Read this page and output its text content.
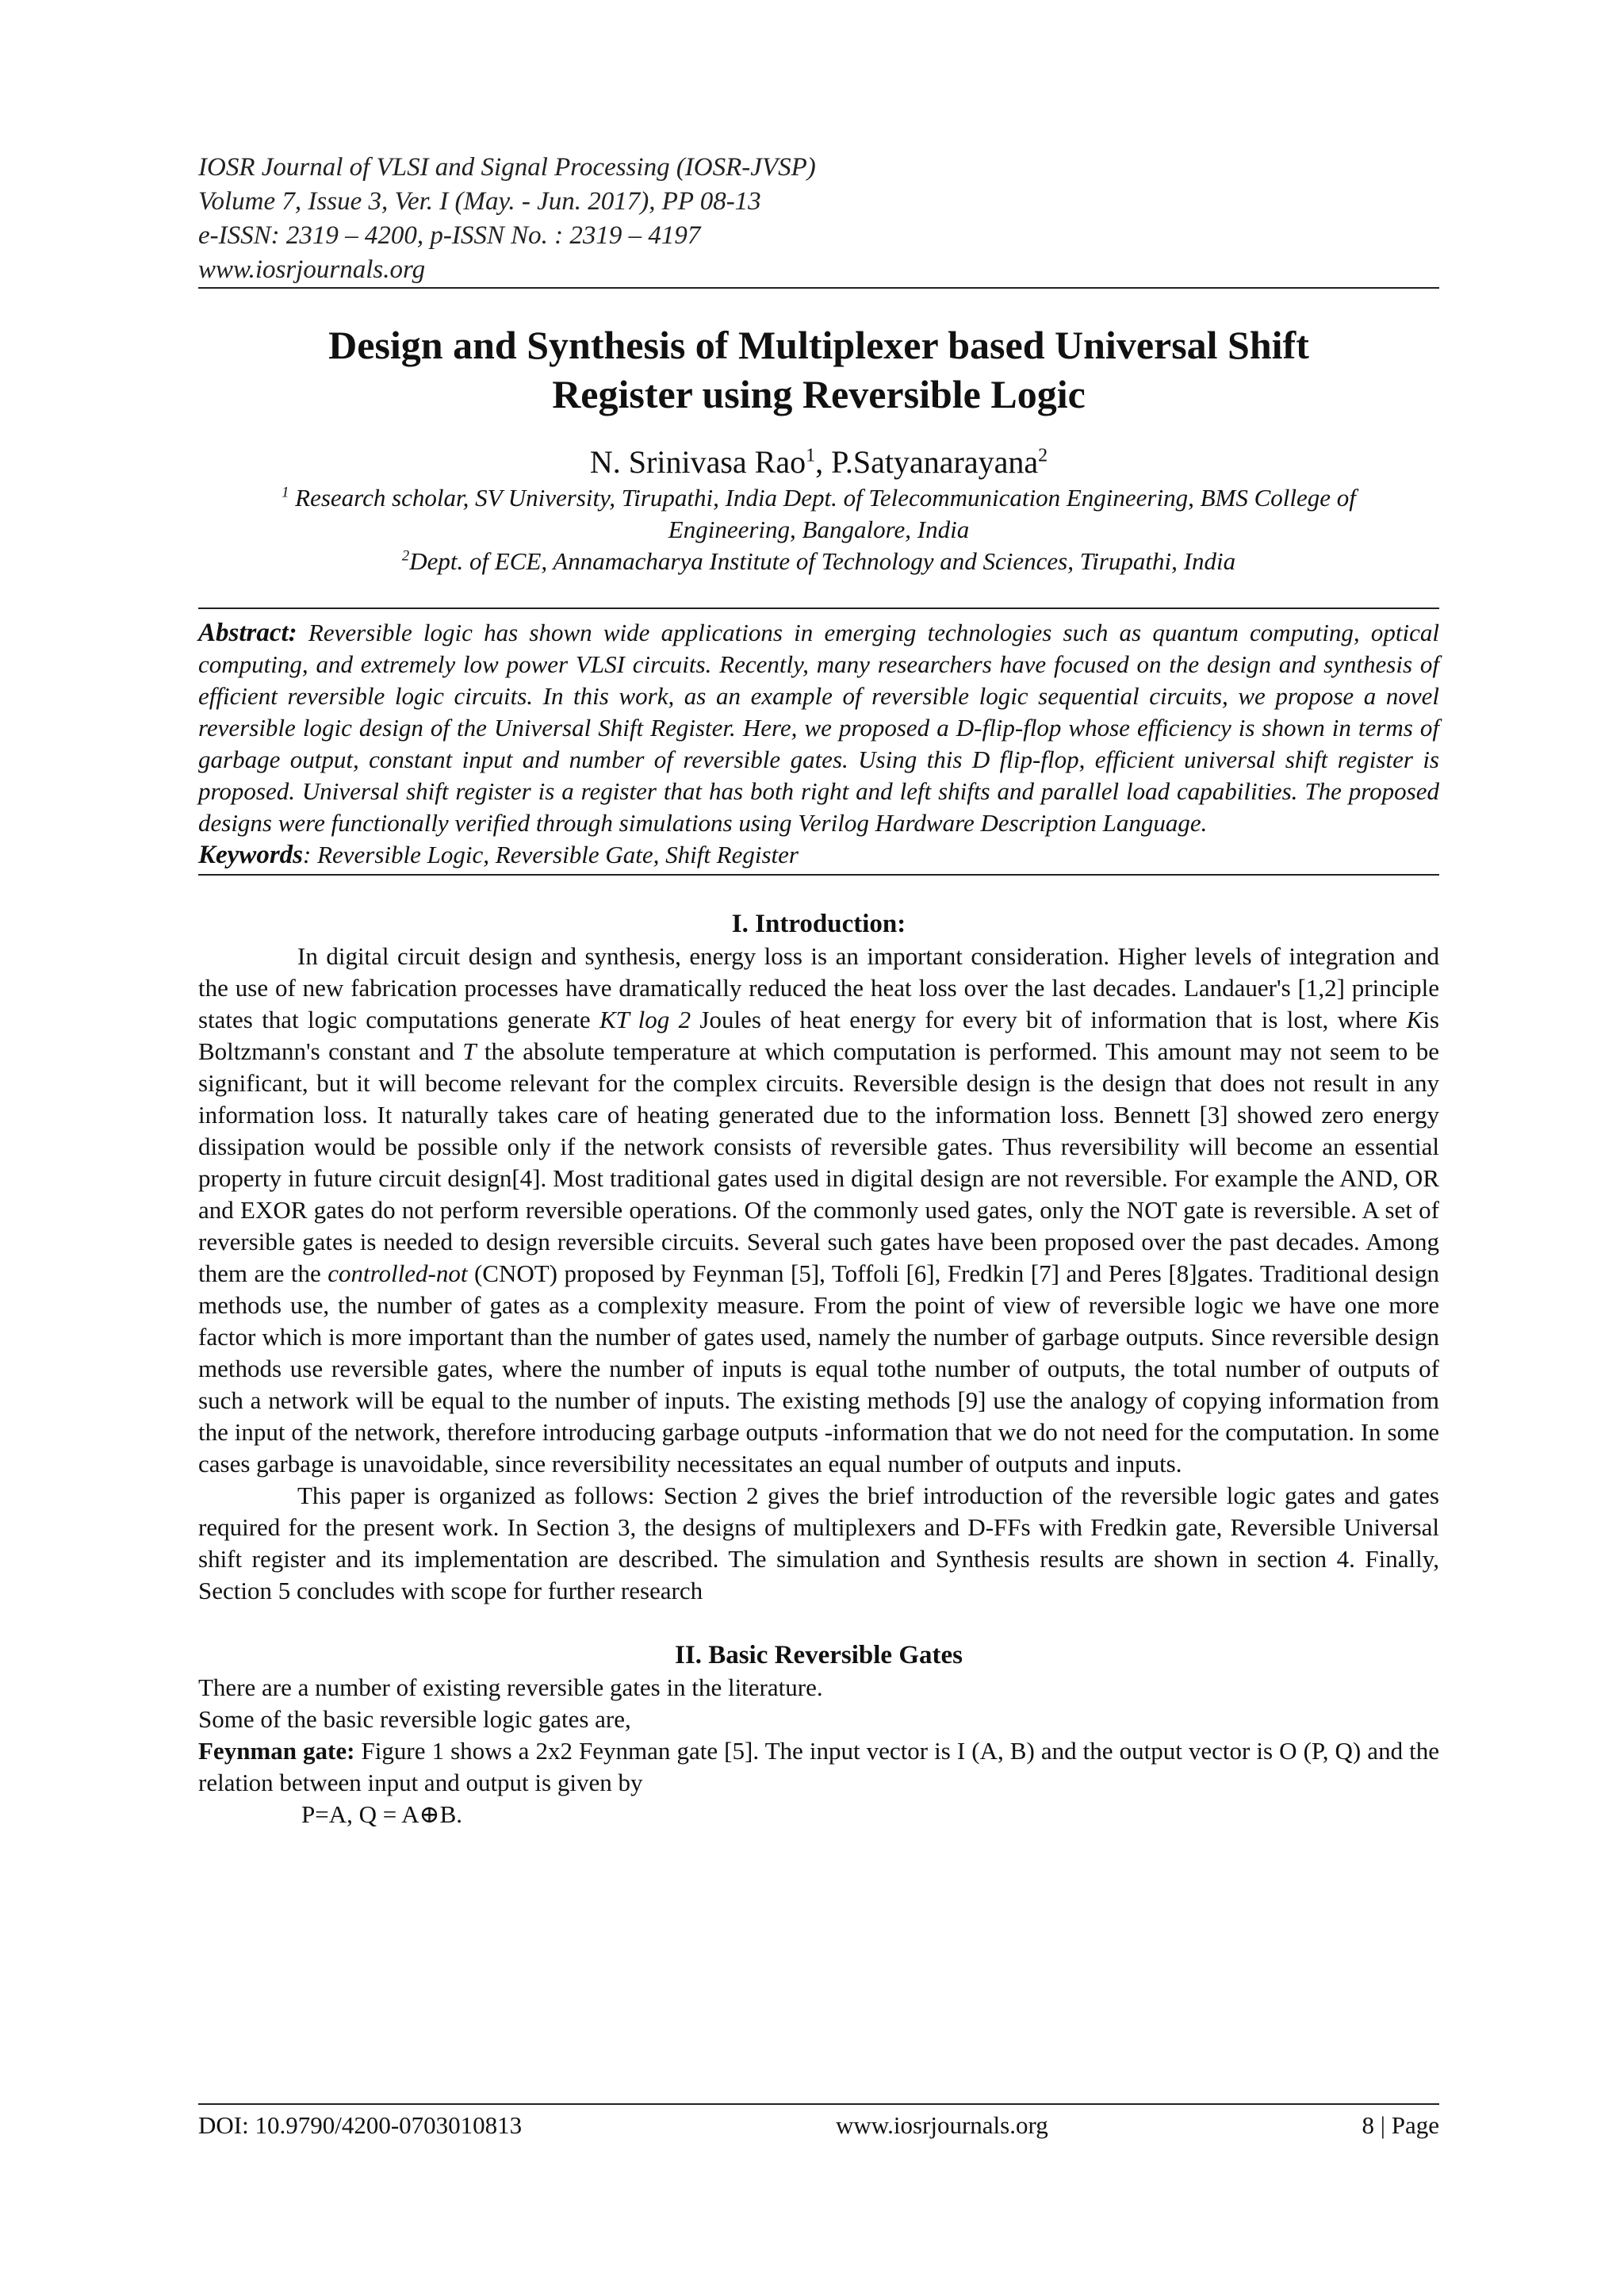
IOSR Journal of VLSI and Signal Processing (IOSR-JVSP)
Volume 7, Issue 3, Ver. I (May. - Jun. 2017), PP 08-13
e-ISSN: 2319 – 4200, p-ISSN No. : 2319 – 4197
www.iosrjournals.org
Design and Synthesis of Multiplexer based Universal Shift
Register using Reversible Logic
N. Srinivasa Rao$^1$, P.Satyanarayana$^2$
$^1$ Research scholar, SV University, Tirupathi, India Dept. of Telecommunication Engineering, BMS College of
Engineering, Bangalore, India
$^2$Dept. of ECE, Annamacharya Institute of Technology and Sciences, Tirupathi, India
Abstract: Reversible logic has shown wide applications in emerging technologies such as quantum computing, optical computing, and extremely low power VLSI circuits. Recently, many researchers have focused on the design and synthesis of efficient reversible logic circuits. In this work, as an example of reversible logic sequential circuits, we propose a novel reversible logic design of the Universal Shift Register. Here, we proposed a D-flip-flop whose efficiency is shown in terms of garbage output, constant input and number of reversible gates. Using this D flip-flop, efficient universal shift register is proposed. Universal shift register is a register that has both right and left shifts and parallel load capabilities. The proposed designs were functionally verified through simulations using Verilog Hardware Description Language.
Keywords: Reversible Logic, Reversible Gate, Shift Register
I. Introduction:

In digital circuit design and synthesis, energy loss is an important consideration. Higher levels of integration and the use of new fabrication processes have dramatically reduced the heat loss over the last decades. Landauer's [1,2] principle states that logic computations generate KT log 2 Joules of heat energy for every bit of information that is lost, where Kis Boltzmann's constant and T the absolute temperature at which computation is performed. This amount may not seem to be significant, but it will become relevant for the complex circuits. Reversible design is the design that does not result in any information loss. It naturally takes care of heating generated due to the information loss. Bennett [3] showed zero energy dissipation would be possible only if the network consists of reversible gates. Thus reversibility will become an essential property in future circuit design[4]. Most traditional gates used in digital design are not reversible. For example the AND, OR and EXOR gates do not perform reversible operations. Of the commonly used gates, only the NOT gate is reversible. A set of reversible gates is needed to design reversible circuits. Several such gates have been proposed over the past decades. Among them are the controlled-not (CNOT) proposed by Feynman [5], Toffoli [6], Fredkin [7] and Peres [8]gates. Traditional design methods use, the number of gates as a complexity measure. From the point of view of reversible logic we have one more factor which is more important than the number of gates used, namely the number of garbage outputs. Since reversible design methods use reversible gates, where the number of inputs is equal tothe number of outputs, the total number of outputs of such a network will be equal to the number of inputs. The existing methods [9] use the analogy of copying information from the input of the network, therefore introducing garbage outputs -information that we do not need for the computation. In some cases garbage is unavoidable, since reversibility necessitates an equal number of outputs and inputs.

This paper is organized as follows: Section 2 gives the brief introduction of the reversible logic gates and gates required for the present work. In Section 3, the designs of multiplexers and D-FFs with Fredkin gate, Reversible Universal shift register and its implementation are described. The simulation and Synthesis results are shown in section 4. Finally, Section 5 concludes with scope for further research

II. Basic Reversible Gates

There are a number of existing reversible gates in the literature.

Some of the basic reversible logic gates are,

Feynman gate: Figure 1 shows a 2x2 Feynman gate [5]. The input vector is I (A, B) and the output vector is O (P, Q) and the relation between input and output is given by

P=A, Q = A⊕B.

DOI: 10.9790/4200-0703010813	www.iosrjournals.org	8 | Page
